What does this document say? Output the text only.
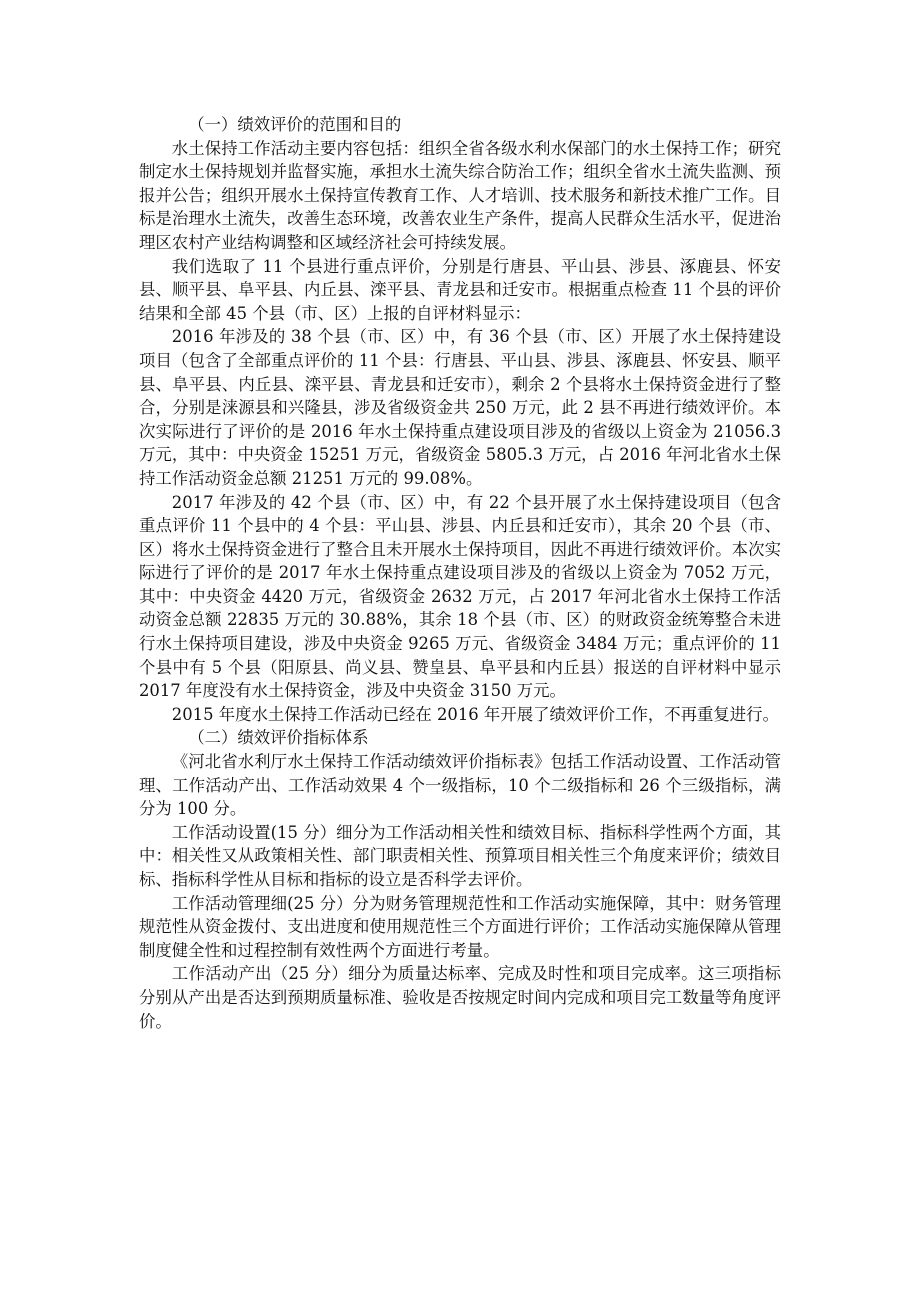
（一）绩效评价的范围和目的

水土保持工作活动主要内容包括：组织全省各级水利水保部门的水土保持工作；研究制定水土保持规划并监督实施，承担水土流失综合防治工作；组织全省水土流失监测、预报并公告；组织开展水土保持宣传教育工作、人才培训、技术服务和新技术推广工作。目标是治理水土流失，改善生态环境，改善农业生产条件，提高人民群众生活水平，促进治理区农村产业结构调整和区域经济社会可持续发展。

我们选取了 11 个县进行重点评价，分别是行唐县、平山县、涉县、涿鹿县、怀安县、顺平县、阜平县、内丘县、滦平县、青龙县和迁安市。根据重点检查 11 个县的评价结果和全部 45 个县（市、区）上报的自评材料显示：

2016 年涉及的 38 个县（市、区）中，有 36 个县（市、区）开展了水土保持建设项目（包含了全部重点评价的 11 个县：行唐县、平山县、涉县、涿鹿县、怀安县、顺平县、阜平县、内丘县、滦平县、青龙县和迁安市），剩余 2 个县将水土保持资金进行了整合，分别是涞源县和兴隆县，涉及省级资金共 250 万元，此 2 县不再进行绩效评价。本次实际进行了评价的是 2016 年水土保持重点建设项目涉及的省级以上资金为 21056.3 万元，其中：中央资金 15251 万元，省级资金 5805.3 万元，占 2016 年河北省水土保持工作活动资金总额 21251 万元的 99.08%。

2017 年涉及的 42 个县（市、区）中，有 22 个县开展了水土保持建设项目（包含重点评价 11 个县中的 4 个县：平山县、涉县、内丘县和迁安市），其余 20 个县（市、区）将水土保持资金进行了整合且未开展水土保持项目，因此不再进行绩效评价。本次实际进行了评价的是 2017 年水土保持重点建设项目涉及的省级以上资金为 7052 万元，其中：中央资金 4420 万元，省级资金 2632 万元，占 2017 年河北省水土保持工作活动资金总额 22835 万元的 30.88%，其余 18 个县（市、区）的财政资金统筹整合未进行水土保持项目建设，涉及中央资金 9265 万元、省级资金 3484 万元；重点评价的 11 个县中有 5 个县（阳原县、尚义县、赞皇县、阜平县和内丘县）报送的自评材料中显示 2017 年度没有水土保持资金，涉及中央资金 3150 万元。

2015 年度水土保持工作活动已经在 2016 年开展了绩效评价工作，不再重复进行。

（二）绩效评价指标体系

《河北省水利厅水土保持工作活动绩效评价指标表》包括工作活动设置、工作活动管理、工作活动产出、工作活动效果 4 个一级指标，10 个二级指标和 26 个三级指标，满分为 100 分。

工作活动设置(15 分）细分为工作活动相关性和绩效目标、指标科学性两个方面，其中：相关性又从政策相关性、部门职责相关性、预算项目相关性三个角度来评价；绩效目标、指标科学性从目标和指标的设立是否科学去评价。

工作活动管理细(25 分）分为财务管理规范性和工作活动实施保障，其中：财务管理规范性从资金拨付、支出进度和使用规范性三个方面进行评价；工作活动实施保障从管理制度健全性和过程控制有效性两个方面进行考量。

工作活动产出（25 分）细分为质量达标率、完成及时性和项目完成率。这三项指标分别从产出是否达到预期质量标准、验收是否按规定时间内完成和项目完工数量等角度评价。
